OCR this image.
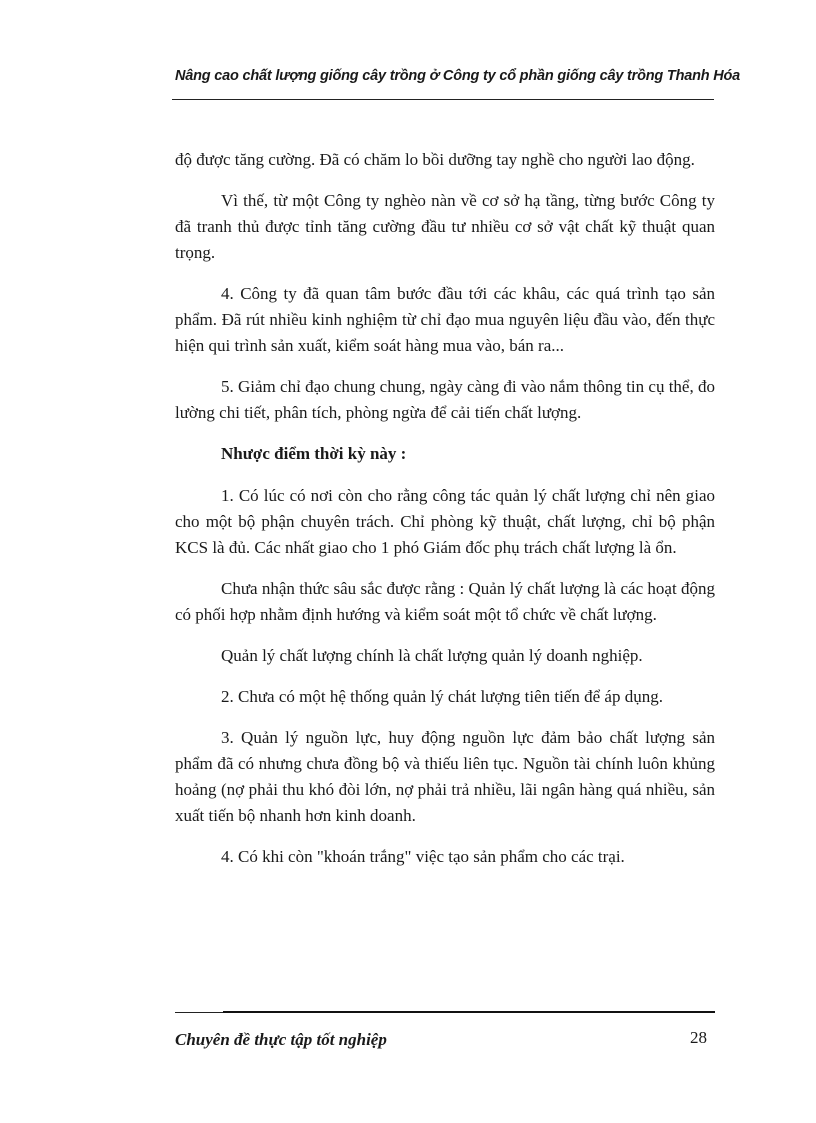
Nâng cao chất lượng giống cây trồng ở Công ty cổ phần giống cây trồng Thanh Hóa

độ được tăng cường. Đã có chăm lo bồi dưỡng tay nghề cho người lao động.

Vì thế, từ một Công ty nghèo nàn về cơ sở hạ tầng, từng bước Công ty đã tranh thủ được tỉnh tăng cường đầu tư nhiều cơ sở vật chất kỹ thuật quan trọng.

4. Công ty đã quan tâm bước đầu tới các khâu, các quá trình tạo sản phẩm. Đã rút nhiều kinh nghiệm từ chỉ đạo mua nguyên liệu đầu vào, đến thực hiện qui trình sản xuất, kiểm soát hàng mua vào, bán ra...

5. Giảm chỉ đạo chung chung, ngày càng đi vào nắm thông tin cụ thể, đo lường chi tiết, phân tích, phòng ngừa để cải tiến chất lượng.

Nhược điểm thời kỳ này :

1. Có lúc có nơi còn cho rằng công tác quản lý chất lượng chỉ nên giao cho một bộ phận chuyên trách. Chỉ phòng kỹ thuật, chất lượng, chỉ bộ phận KCS là đủ. Các nhất giao cho 1 phó Giám đốc phụ trách chất lượng là ổn.

Chưa nhận thức sâu sắc được rằng : Quản lý chất lượng là các hoạt động có phối hợp nhằm định hướng và kiểm soát một tổ chức về chất lượng.

Quản lý chất lượng chính là chất lượng quản lý doanh nghiệp.

2. Chưa có một hệ thống quản lý chát lượng tiên tiến để áp dụng.

3. Quản lý nguồn lực, huy động nguồn lực đảm bảo chất lượng sản phẩm đã có nhưng chưa đồng bộ và thiếu liên tục. Nguồn tài chính luôn khủng hoảng (nợ phải thu khó đòi lớn, nợ phải trả nhiều, lãi ngân hàng quá nhiều, sản xuất tiến bộ nhanh hơn kinh doanh.

4. Có khi còn "khoán trắng" việc tạo sản phẩm cho các trại.

Chuyên đề thực tập tốt nghiệp	28
